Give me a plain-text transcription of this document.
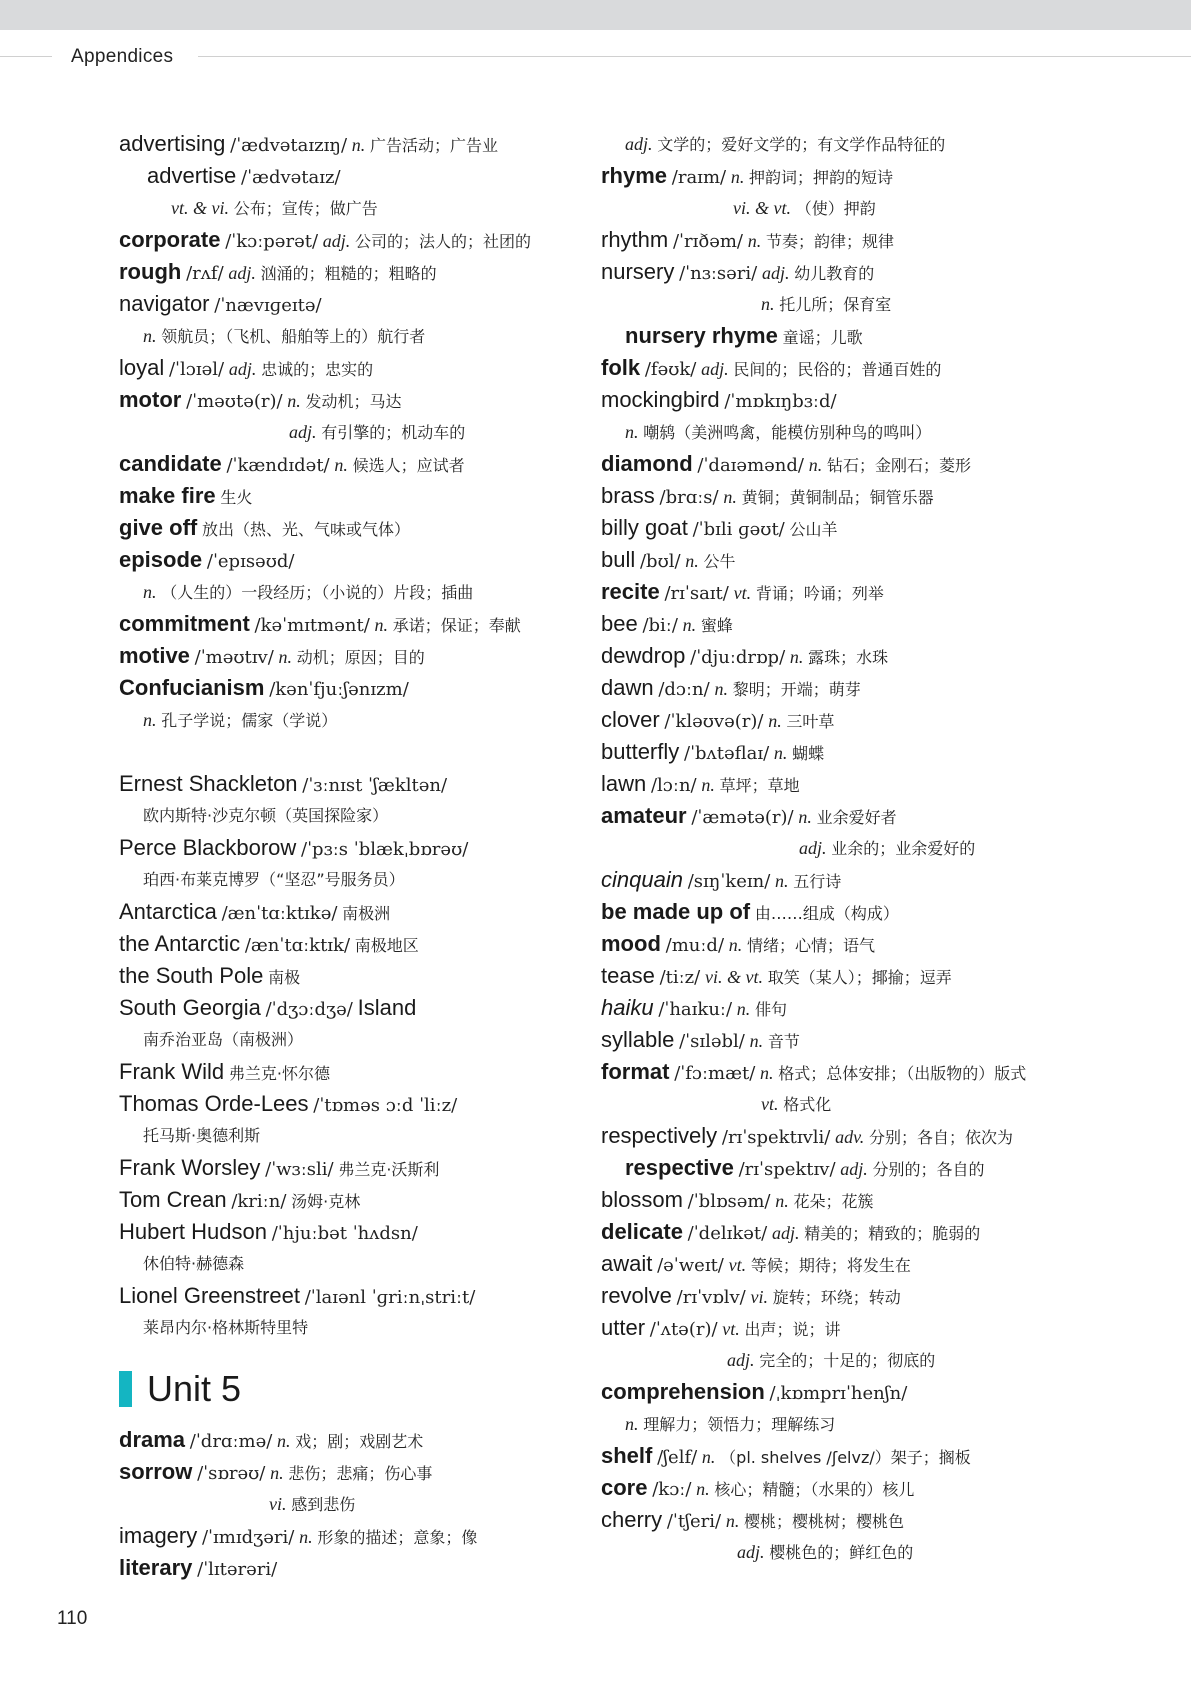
Appendices
advertising /ˈædvətaɪzɪŋ/ n. 广告活动；广告业
advertise /ˈædvətaɪz/
vt. & vi. 公布；宣传；做广告
corporate /ˈkɔːpərət/ adj. 公司的；法人的；社团的
rough /rʌf/ adj. 汹涌的；粗糙的；粗略的
navigator /ˈnævɪɡeɪtə/
n. 领航员；（飞机、船舶等上的）航行者
loyal /ˈlɔɪəl/ adj. 忠诚的；忠实的
motor /ˈməʊtə(r)/ n. 发动机；马达
adj. 有引擎的；机动车的
candidate /ˈkændɪdət/ n. 候选人；应试者
make fire 生火
give off 放出（热、光、气味或气体）
episode /ˈepɪsəʊd/
n. （人生的）一段经历；（小说的）片段；插曲
commitment /kəˈmɪtmənt/ n. 承诺；保证；奉献
motive /ˈməʊtɪv/ n. 动机；原因；目的
Confucianism /kənˈfjuːʃənɪzm/
n. 孔子学说；儒家（学说）
Ernest Shackleton /ˈɜːnɪst ˈʃækltən/
欧内斯特·沙克尔顿（英国探险家）
Perce Blackborow /ˈpɜːs ˈblækˌbɒrəʊ/
珀西·布莱克博罗（“坚忍”号服务员）
Antarctica /ænˈtɑːktɪkə/ 南极洲
the Antarctic /ænˈtɑːktɪk/ 南极地区
the South Pole 南极
South Georgia /ˈdʒɔːdʒə/ Island
南乔治亚岛（南极洲）
Frank Wild 弗兰克·怀尔德
Thomas Orde-Lees /ˈtɒməs ɔːd ˈliːz/
托马斯·奥德利斯
Frank Worsley /ˈwɜːsli/ 弗兰克·沃斯利
Tom Crean /kriːn/ 汤姆·克林
Hubert Hudson /ˈhjuːbət ˈhʌdsn/
休伯特·赫德森
Lionel Greenstreet /ˈlaɪənl ˈɡriːnˌstriːt/
莱昂内尔·格林斯特里特
Unit 5
drama /ˈdrɑːmə/ n. 戏；剧；戏剧艺术
sorrow /ˈsɒrəʊ/ n. 悲伤；悲痛；伤心事
vi. 感到悲伤
imagery /ˈɪmɪdʒəri/ n. 形象的描述；意象；像
literary /ˈlɪtərəri/
adj. 文学的；爱好文学的；有文学作品特征的
rhyme /raɪm/ n. 押韵词；押韵的短诗
vi. & vt. （使）押韵
rhythm /ˈrɪðəm/ n. 节奏；韵律；规律
nursery /ˈnɜːsəri/ adj. 幼儿教育的
n. 托儿所；保育室
nursery rhyme 童谣；儿歌
folk /fəʊk/ adj. 民间的；民俗的；普通百姓的
mockingbird /ˈmɒkɪŋbɜːd/
n. 嘲鸫（美洲鸣禽，能模仿别种鸟的鸣叫）
diamond /ˈdaɪəmənd/ n. 钻石；金刚石；菱形
brass /brɑːs/ n. 黄铜；黄铜制品；铜管乐器
billy goat /ˈbɪli ɡəʊt/ 公山羊
bull /bʊl/ n. 公牛
recite /rɪˈsaɪt/ vt. 背诵；吟诵；列举
bee /biː/ n. 蜜蜂
dewdrop /ˈdjuːdrɒp/ n. 露珠；水珠
dawn /dɔːn/ n. 黎明；开端；萌芽
clover /ˈkləʊvə(r)/ n. 三叶草
butterfly /ˈbʌtəflaɪ/ n. 蝴蝶
lawn /lɔːn/ n. 草坪；草地
amateur /ˈæmətə(r)/ n. 业余爱好者
adj. 业余的；业余爱好的
cinquain /sɪŋˈkeɪn/ n. 五行诗
be made up of 由……组成（构成）
mood /muːd/ n. 情绪；心情；语气
tease /tiːz/ vi. & vt. 取笑（某人）；揶揄；逗弄
haiku /ˈhaɪkuː/ n. 俳句
syllable /ˈsɪləbl/ n. 音节
format /ˈfɔːmæt/ n. 格式；总体安排；（出版物的）版式
vt. 格式化
respectively /rɪˈspektɪvli/ adv. 分别；各自；依次为
respective /rɪˈspektɪv/ adj. 分别的；各自的
blossom /ˈblɒsəm/ n. 花朵；花簇
delicate /ˈdelɪkət/ adj. 精美的；精致的；脆弱的
await /əˈweɪt/ vt. 等候；期待；将发生在
revolve /rɪˈvɒlv/ vi. 旋转；环绕；转动
utter /ˈʌtə(r)/ vt. 出声；说；讲
adj. 完全的；十足的；彻底的
comprehension /ˌkɒmprɪˈhenʃn/
n. 理解力；领悟力；理解练习
shelf /ʃelf/ n. （pl. shelves /ʃelvz/）架子；搁板
core /kɔː/ n. 核心；精髓；（水果的）核儿
cherry /ˈtʃeri/ n. 樱桃；樱桃树；樱桃色
adj. 樱桃色的；鲜红色的
110
